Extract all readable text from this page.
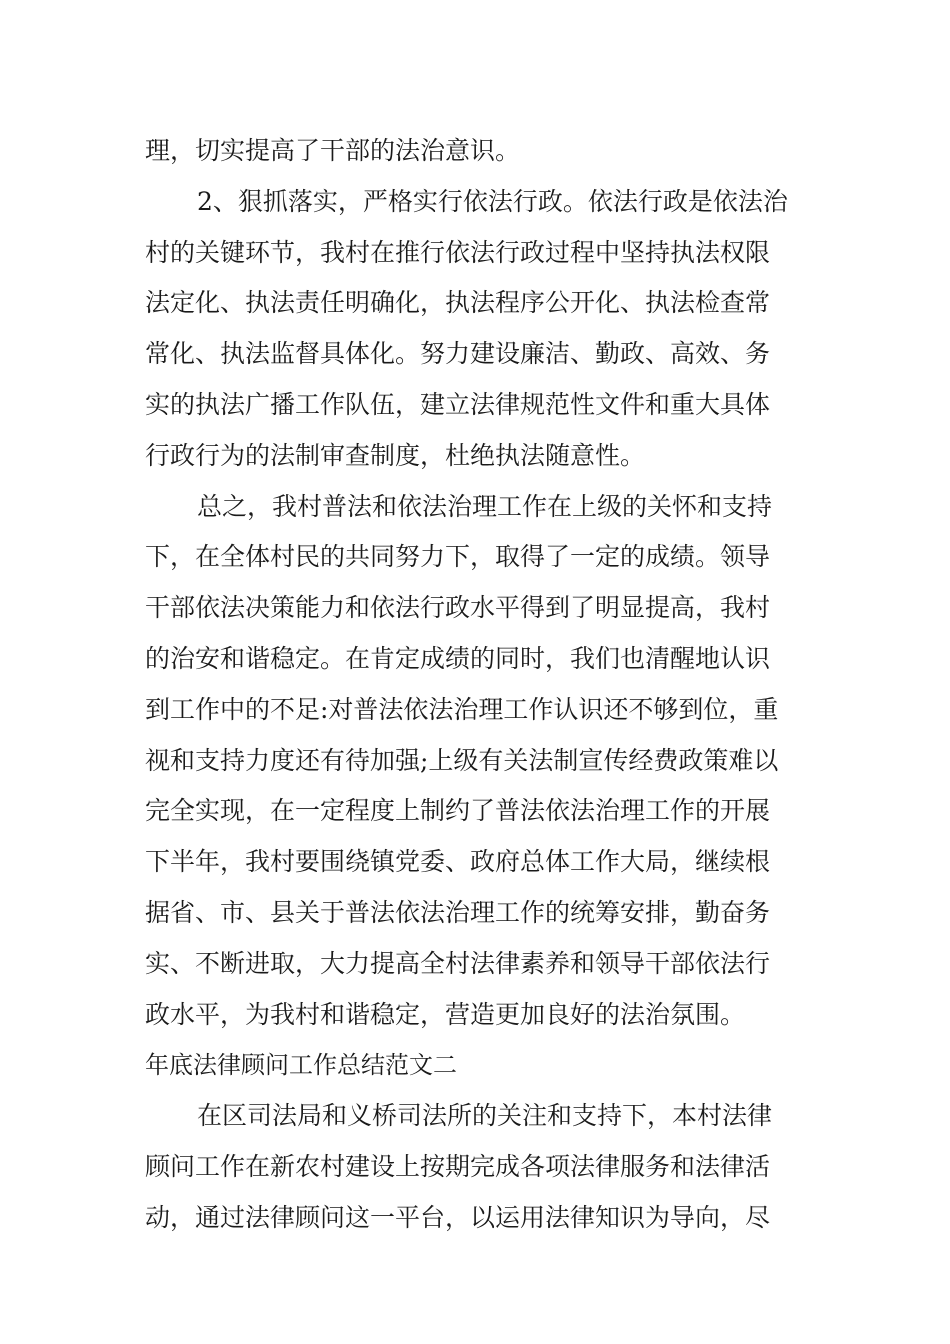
理，切实提高了干部的法治意识。
2、狠抓落实，严格实行依法行政。依法行政是依法治
村的关键环节，我村在推行依法行政过程中坚持执法权限
法定化、执法责任明确化，执法程序公开化、执法检查常
常化、执法监督具体化。努力建设廉洁、勤政、高效、务
实的执法广播工作队伍，建立法律规范性文件和重大具体
行政行为的法制审查制度，杜绝执法随意性。
总之，我村普法和依法治理工作在上级的关怀和支持
下，在全体村民的共同努力下，取得了一定的成绩。领导
干部依法决策能力和依法行政水平得到了明显提高，我村
的治安和谐稳定。在肯定成绩的同时，我们也清醒地认识
到工作中的不足:对普法依法治理工作认识还不够到位，重
视和支持力度还有待加强;上级有关法制宣传经费政策难以
完全实现，在一定程度上制约了普法依法治理工作的开展
下半年，我村要围绕镇党委、政府总体工作大局，继续根
据省、市、县关于普法依法治理工作的统筹安排，勤奋务
实、不断进取，大力提高全村法律素养和领导干部依法行
政水平，为我村和谐稳定，营造更加良好的法治氛围。
年底法律顾问工作总结范文二
在区司法局和义桥司法所的关注和支持下，本村法律
顾问工作在新农村建设上按期完成各项法律服务和法律活
动，通过法律顾问这一平台，以运用法律知识为导向，尽
